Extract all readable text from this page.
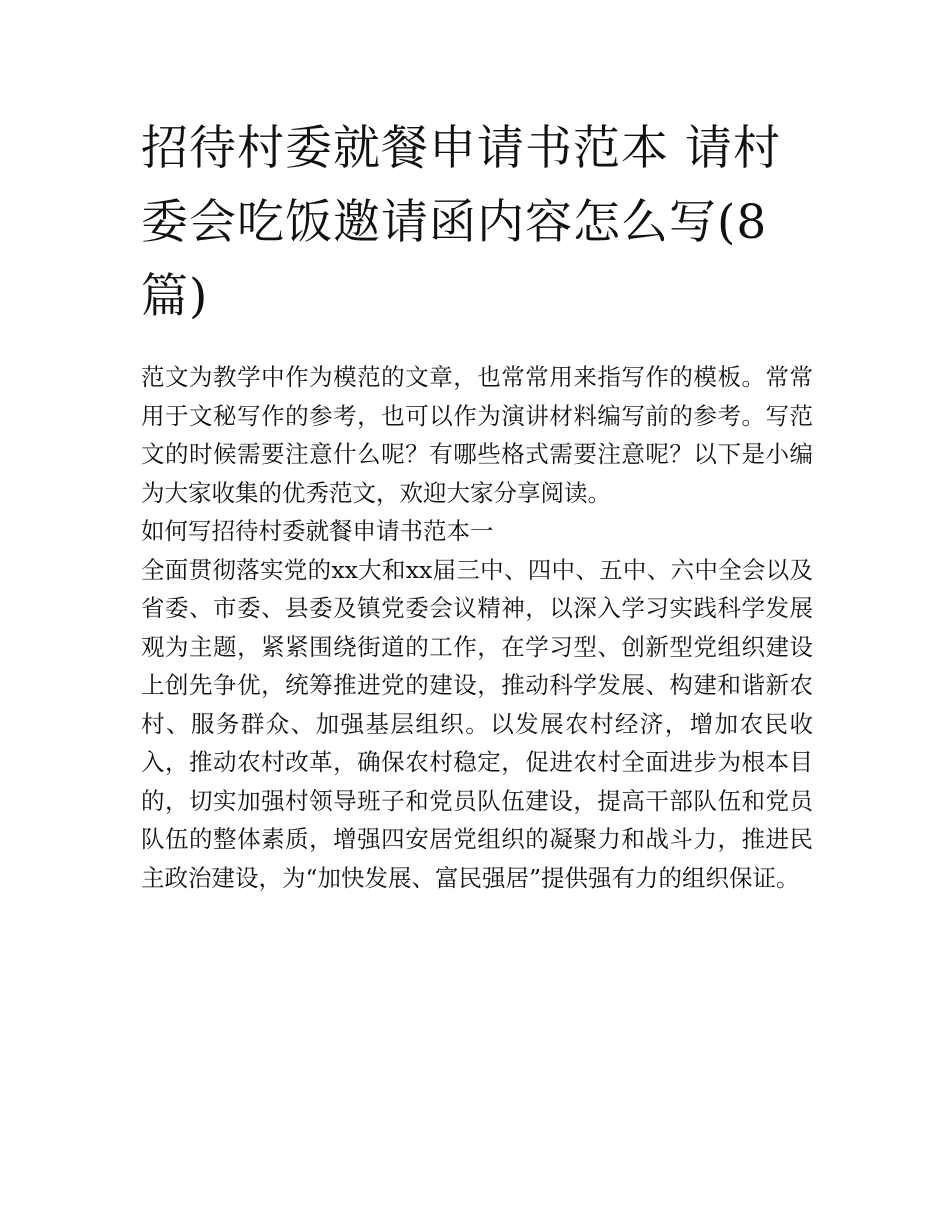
招待村委就餐申请书范本 请村委会吃饭邀请函内容怎么写(8篇)

范文为教学中作为模范的文章，也常常用来指写作的模板。常常用于文秘写作的参考，也可以作为演讲材料编写前的参考。写范文的时候需要注意什么呢？有哪些格式需要注意呢？以下是小编为大家收集的优秀范文，欢迎大家分享阅读。

如何写招待村委就餐申请书范本一

全面贯彻落实党的xx大和xx届三中、四中、五中、六中全会以及省委、市委、县委及镇党委会议精神，以深入学习实践科学发展观为主题，紧紧围绕街道的工作，在学习型、创新型党组织建设上创先争优，统筹推进党的建设，推动科学发展、构建和谐新农村、服务群众、加强基层组织。以发展农村经济，增加农民收入，推动农村改革，确保农村稳定，促进农村全面进步为根本目的，切实加强村领导班子和党员队伍建设，提高干部队伍和党员队伍的整体素质，增强四安居党组织的凝聚力和战斗力，推进民主政治建设，为“加快发展、富民强居”提供强有力的组织保证。
